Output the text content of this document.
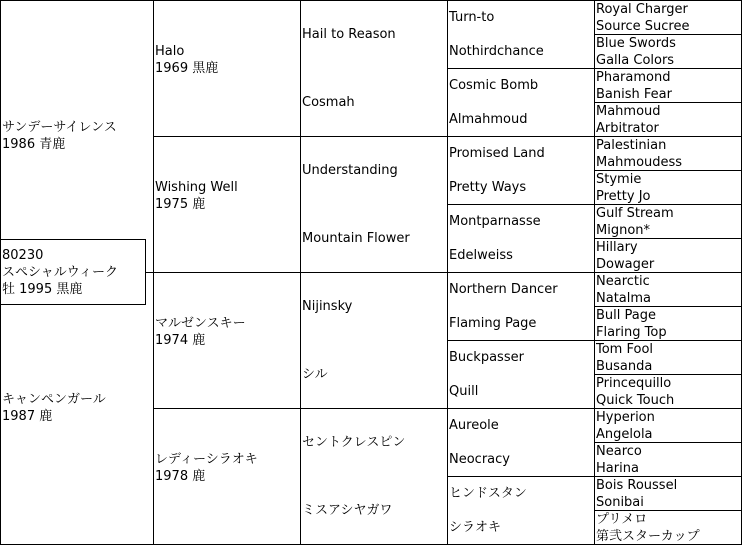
80230
スペシャルウィーク
牡 1995 黒鹿
サンデーサイレンス
1986 青鹿
キャンペンガール
1987 鹿
Halo
1969 黒鹿
Wishing Well
1975 鹿
マルゼンスキー
1974 鹿
レディーシラオキ
1978 鹿
Hail to Reason
Cosmah
Understanding
Mountain Flower
Nijinsky
シル
セントクレスピン
ミスアシヤガワ
Turn-to
Nothirdchance
Cosmic Bomb
Almahmoud
Promised Land
Pretty Ways
Montparnasse
Edelweiss
Northern Dancer
Flaming Page
Buckpasser
Quill
Aureole
Neocracy
ヒンドスタン
シラオキ
Royal Charger
Source Sucree
Blue Swords
Galla Colors
Pharamond
Banish Fear
Mahmoud
Arbitrator
Palestinian
Mahmoudess
Stymie
Pretty Jo
Gulf Stream
Mignon*
Hillary
Dowager
Nearctic
Natalma
Bull Page
Flaring Top
Tom Fool
Busanda
Princequillo
Quick Touch
Hyperion
Angelola
Nearco
Harina
Bois Roussel
Sonibai
プリメロ
第弐スターカップ
